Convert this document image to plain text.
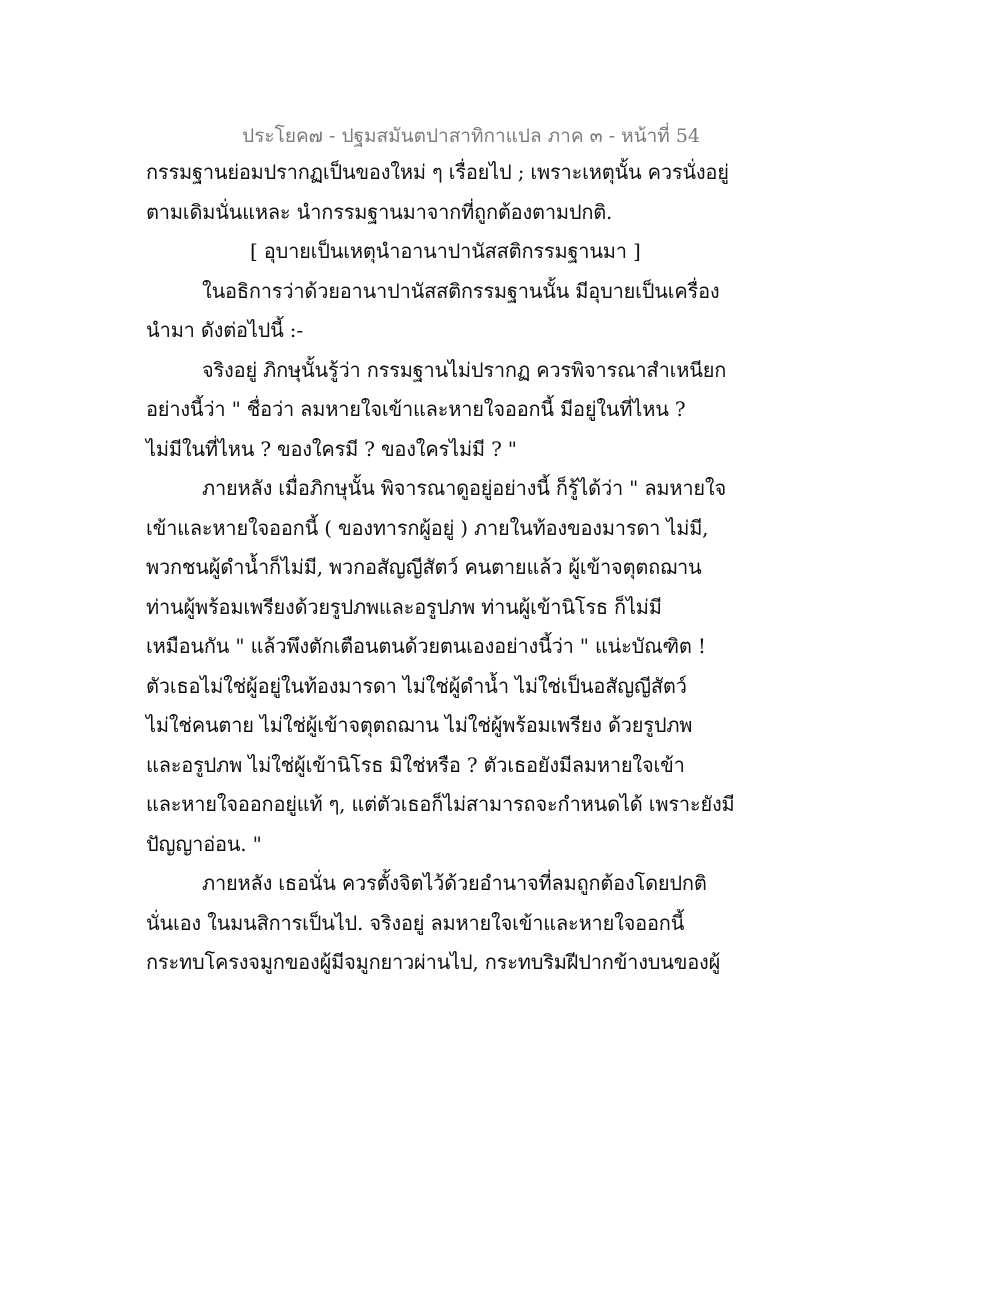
ประโยค๗ - ปฐมสมันตปาสาทิกาแปล ภาค ๓ - หน้าที่ 54
กรรมฐานย่อมปรากฏเป็นของใหม่ ๆ เรื่อยไป ; เพราะเหตุนั้น ควรนั่งอยู่
ตามเดิมนั่นแหละ นำกรรมฐานมาจากที่ถูกต้องตามปกติ.
[ อุบายเป็นเหตุนำอานาปานัสสติกรรมฐานมา ]
ในอธิการว่าด้วยอานาปานัสสติกรรมฐานนั้น มีอุบายเป็นเครื่อง
นำมา ดังต่อไปนี้ :-
จริงอยู่ ภิกษุนั้นรู้ว่า กรรมฐานไม่ปรากฏ ควรพิจารณาสำเหนียก
อย่างนี้ว่า " ชื่อว่า ลมหายใจเข้าและหายใจออกนี้ มีอยู่ในที่ไหน ?
ไม่มีในที่ไหน ? ของใครมี ? ของใครไม่มี ? "
ภายหลัง เมื่อภิกษุนั้น พิจารณาดูอยู่อย่างนี้ ก็รู้ได้ว่า " ลมหายใจ
เข้าและหายใจออกนี้ ( ของทารกผู้อยู่ ) ภายในท้องของมารดา ไม่มี,
พวกชนผู้ดำน้ำก็ไม่มี, พวกอสัญญีสัตว์ คนตายแล้ว ผู้เข้าจตุตถฌาน
ท่านผู้พร้อมเพรียงด้วยรูปภพและอรูปภพ ท่านผู้เข้านิโรธ ก็ไม่มี
เหมือนกัน " แล้วพึงตักเตือนตนด้วยตนเองอย่างนี้ว่า " แน่ะบัณฑิต !
ตัวเธอไม่ใช่ผู้อยู่ในท้องมารดา ไม่ใช่ผู้ดำน้ำ ไม่ใช่เป็นอสัญญีสัตว์
ไม่ใช่คนตาย ไม่ใช่ผู้เข้าจตุตถฌาน ไม่ใช่ผู้พร้อมเพรียง ด้วยรูปภพ
และอรูปภพ ไม่ใช่ผู้เข้านิโรธ มิใช่หรือ ? ตัวเธอยังมีลมหายใจเข้า
และหายใจออกอยู่แท้ ๆ, แต่ตัวเธอก็ไม่สามารถจะกำหนดได้ เพราะยังมี
ปัญญาอ่อน. "
ภายหลัง เธอนั่น ควรตั้งจิตไว้ด้วยอำนาจที่ลมถูกต้องโดยปกติ
นั่นเอง ในมนสิการเป็นไป. จริงอยู่ ลมหายใจเข้าและหายใจออกนี้
กระทบโครงจมูกของผู้มีจมูกยาวผ่านไป, กระทบริมฝีปากข้างบนของผู้
